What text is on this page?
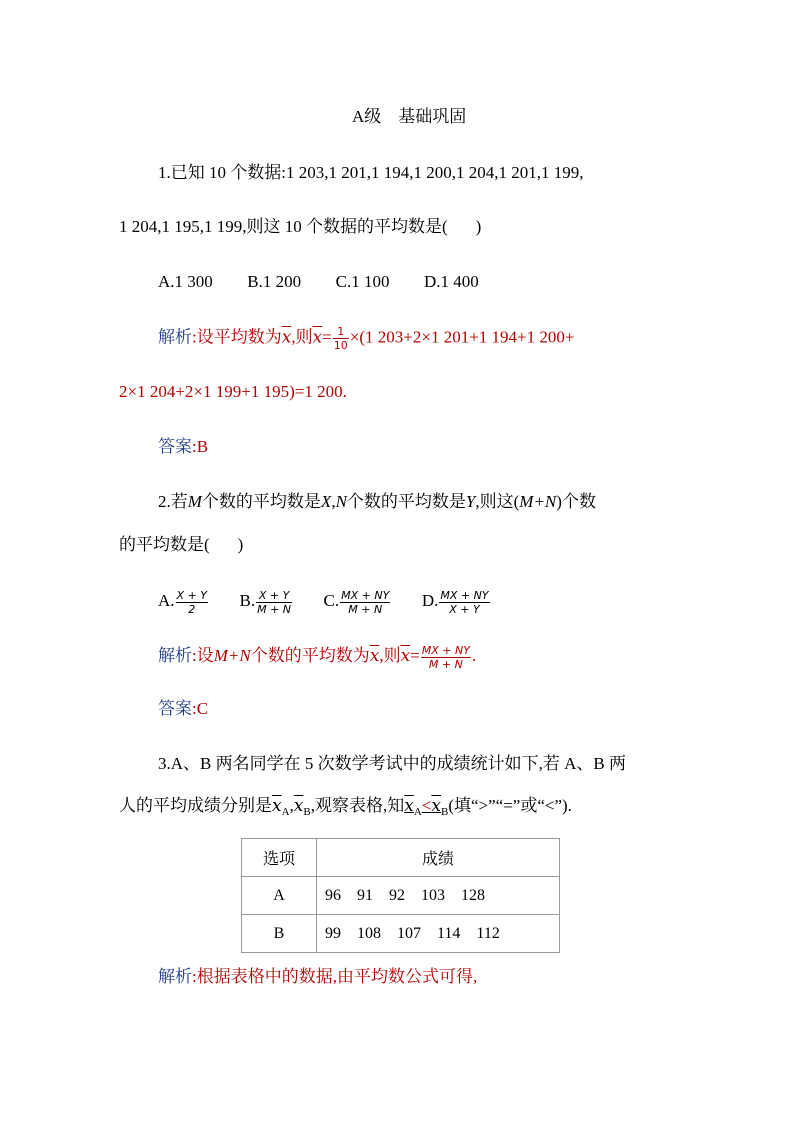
A级　基础巩固
1.已知 10 个数据:1 203,1 201,1 194,1 200,1 204,1 201,1 199,
1 204,1 195,1 199,则这 10 个数据的平均数是( )
A.1 300 B.1 200 C.1 100 D.1 400
解析:设平均数为$\overline{x}$,则$\overline{x}= \frac{1}{10} \times(1$ 203+2×1 201+1 194+1 200+
2×1 204+2×1 199+1 195)=1 200.
答案:B
2.若M个数的平均数是X,N个数的平均数是Y,则这(M+N)个数
的平均数是( )
A. $\frac{X + Y}{2} B$. $\frac{X + Y}{M + N} C$. $\frac{MX + NY}{M + N} D$. $\frac{MX + NY}{X + Y}$
解析:设M+N个数的平均数为$\overline{x}$,则$\overline{x}= \frac{MX + NY}{M + N}$ .
答案:C
3.A、B 两名同学在 5 次数学考试中的成绩统计如下,若 A、B 两
人的平均成绩分别是$\overline{x}_A,\overline{x}_B$,观察表格,知$x_A<x_B$(填“>”“=”或“<”).
选项	成绩
A	96 91 92 103 128
B	99 108 107 114 112
解析:根据表格中的数据,由平均数公式可得,
